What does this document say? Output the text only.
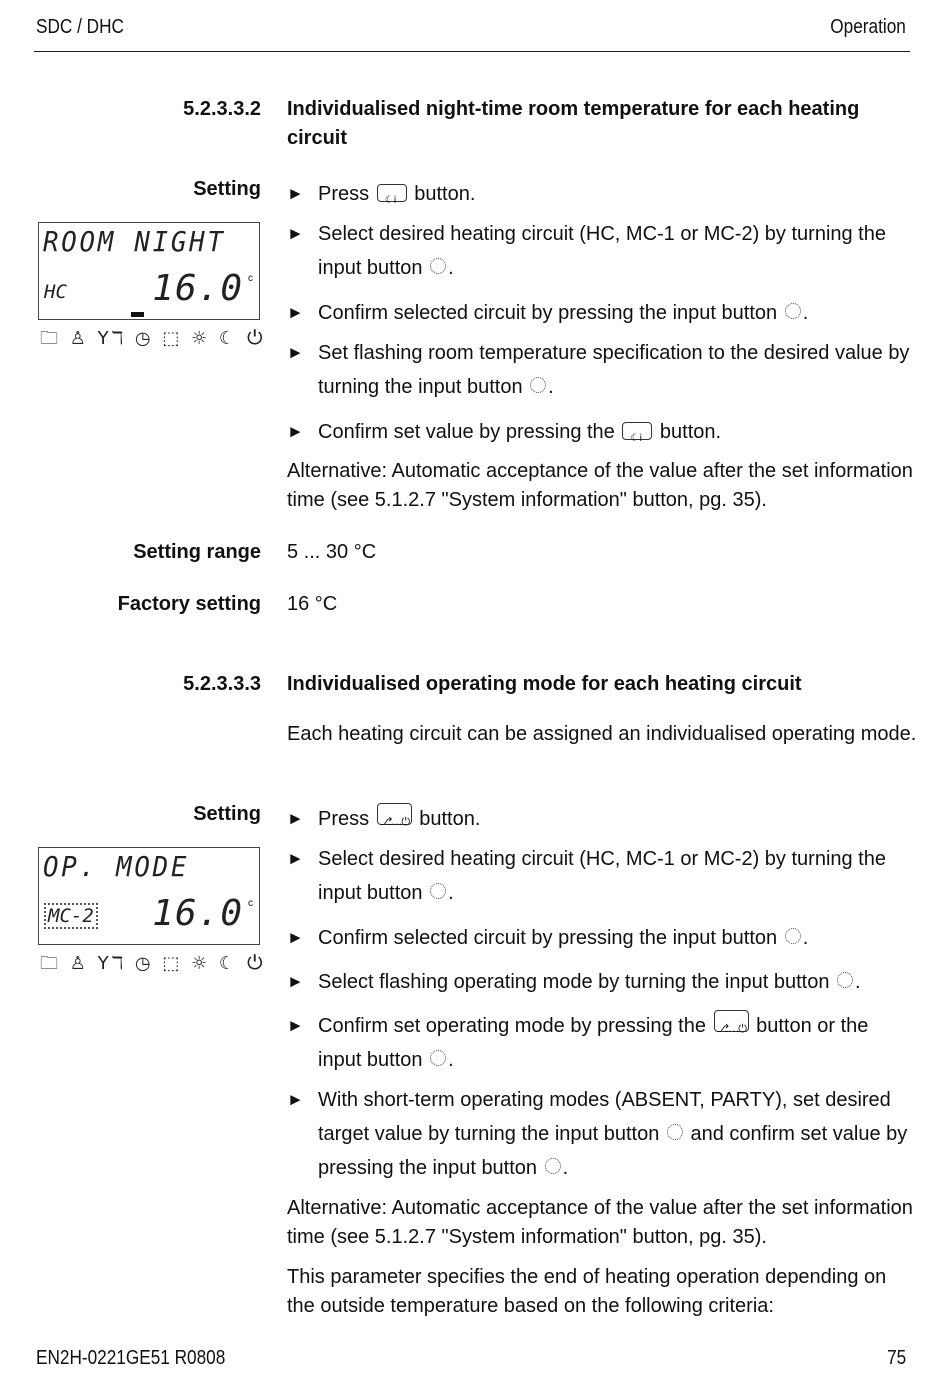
SDC / DHC	Operation
5.2.3.3.2 Individualised night-time room temperature for each heating circuit
Setting
ROOM NIGHT
HC 16.0 c
🗀 ♙ Yℸ ◷ ⬚ ☼ ☾ ⏻
► Press ☾i button.
► Select desired heating circuit (HC, MC-1 or MC-2) by turning the input button .
► Confirm selected circuit by pressing the input button .
► Set flashing room temperature specification to the desired value by turning the input button .
► Confirm set value by pressing the ☾i button.
Alternative: Automatic acceptance of the value after the set information time (see 5.1.2.7 "System information" button, pg. 35).
Setting range 5 ... 30 °C
Factory setting 16 °C
5.2.3.3.3 Individualised operating mode for each heating circuit
Each heating circuit can be assigned an individualised operating mode.
Setting
OP. MODE
MC-2 16.0 c
🗀 ♙ Yℸ ◷ ⬚ ☼ ☾ ⏻
► Press ⎇…⏻ button.
► Select desired heating circuit (HC, MC-1 or MC-2) by turning the input button .
► Confirm selected circuit by pressing the input button .
► Select flashing operating mode by turning the input button .
► Confirm set operating mode by pressing the ⎇…⏻ button or the input button .
► With short-term operating modes (ABSENT, PARTY), set desired target value by turning the input button  and confirm set value by pressing the input button .
Alternative: Automatic acceptance of the value after the set information time (see 5.1.2.7 "System information" button, pg. 35).
This parameter specifies the end of heating operation depending on the outside temperature based on the following criteria:
EN2H-0221GE51 R0808	75
